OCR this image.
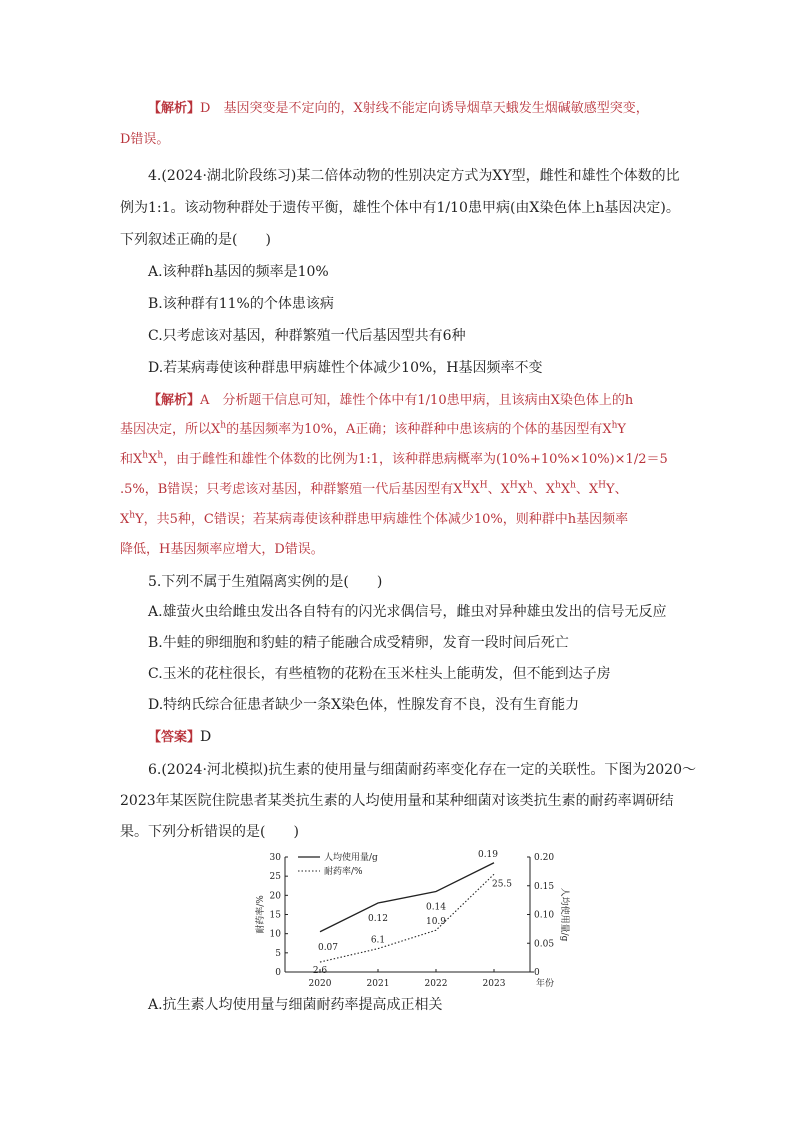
【解析】D　基因突变是不定向的，X射线不能定向诱导烟草天蛾发生烟碱敏感型突变，
D错误。
4.(2024·湖北阶段练习)某二倍体动物的性别决定方式为XY型，雌性和雄性个体数的比
例为1:1。该动物种群处于遗传平衡，雄性个体中有1/10患甲病(由X染色体上h基因决定)。
下列叙述正确的是(　　)
A.该种群h基因的频率是10%
B.该种群有11%的个体患该病
C.只考虑该对基因，种群繁殖一代后基因型共有6种
D.若某病毒使该种群患甲病雄性个体减少10%，H基因频率不变
【解析】A　分析题干信息可知，雄性个体中有1/10患甲病，且该病由X染色体上的h
基因决定，所以$X^h$的基因频率为10%，A正确；该种群种中患该病的个体的基因型有$X^hY$
和$X^hX^h$，由于雌性和雄性个体数的比例为1:1，该种群患病概率为(10%+10%×10%)×1/2＝5
.5%，B错误；只考虑该对基因，种群繁殖一代后基因型有$X^HX^H$、$X^HX^h$、$X^hX^h$、$X^HY$、
$X^hY$，共5种，C错误；若某病毒使该种群患甲病雄性个体减少10%，则种群中h基因频率
降低，H基因频率应增大，D错误。
5.下列不属于生殖隔离实例的是(　　)
A.雄萤火虫给雌虫发出各自特有的闪光求偶信号，雌虫对异种雄虫发出的信号无反应
B.牛蛙的卵细胞和豹蛙的精子能融合成受精卵，发育一段时间后死亡
C.玉米的花柱很长，有些植物的花粉在玉米柱头上能萌发，但不能到达子房
D.特纳氏综合征患者缺少一条X染色体，性腺发育不良，没有生育能力
【答案】D
6.(2024·河北模拟)抗生素的使用量与细菌耐药率变化存在一定的关联性。下图为2020～
2023年某医院住院患者某类抗生素的人均使用量和某种细菌对该类抗生素的耐药率调研结
果。下列分析错误的是(　　)
0
5
10
15
20
25
30
0
0.05
0.10
0.15
0.20
2020	2021	2022	2023	年份
耐药率/%	人均使用量/g
0.07
0.12
0.14
0.19
2.6
6.1
10.9
25.5
人均使用量/g
耐药率/%
A.抗生素人均使用量与细菌耐药率提高成正相关
